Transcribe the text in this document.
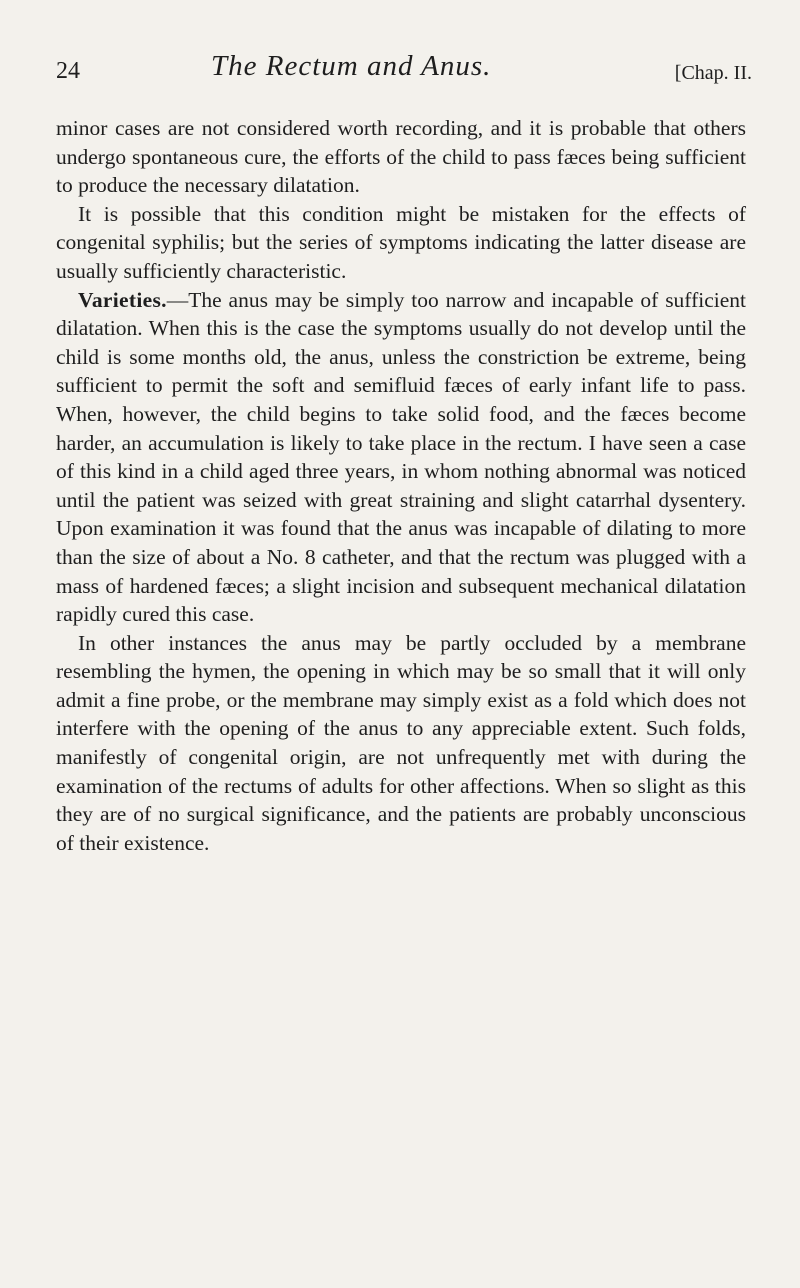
24	The Rectum and Anus.	[Chap. II.

minor cases are not considered worth recording, and it is probable that others undergo spontaneous cure, the efforts of the child to pass fæces being sufficient to produce the necessary dilatation.

It is possible that this condition might be mistaken for the effects of congenital syphilis; but the series of symptoms indicating the latter disease are usually sufficiently characteristic.

Varieties.—The anus may be simply too narrow and incapable of sufficient dilatation. When this is the case the symptoms usually do not develop until the child is some months old, the anus, unless the constriction be extreme, being sufficient to permit the soft and semifluid fæces of early infant life to pass. When, however, the child begins to take solid food, and the fæces become harder, an accumulation is likely to take place in the rectum. I have seen a case of this kind in a child aged three years, in whom nothing abnormal was noticed until the patient was seized with great straining and slight catarrhal dysentery. Upon examination it was found that the anus was incapable of dilating to more than the size of about a No. 8 catheter, and that the rectum was plugged with a mass of hardened fæces; a slight incision and subsequent mechanical dilatation rapidly cured this case.

In other instances the anus may be partly occluded by a membrane resembling the hymen, the opening in which may be so small that it will only admit a fine probe, or the membrane may simply exist as a fold which does not interfere with the opening of the anus to any appreciable extent. Such folds, manifestly of congenital origin, are not unfrequently met with during the examination of the rectums of adults for other affections. When so slight as this they are of no surgical significance, and the patients are probably unconscious of their existence.
